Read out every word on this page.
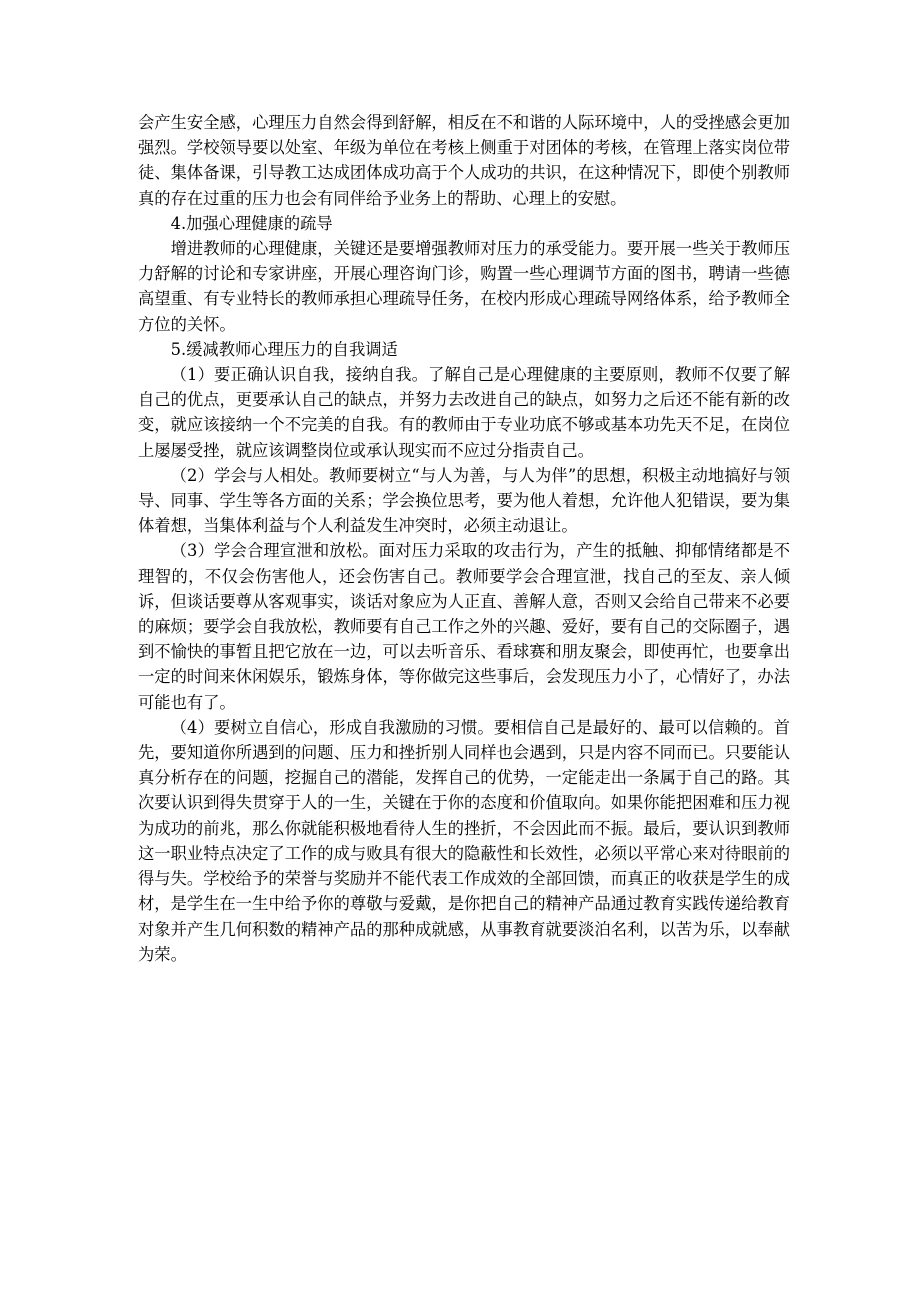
会产生安全感，心理压力自然会得到舒解，相反在不和谐的人际环境中，人的受挫感会更加强烈。学校领导要以处室、年级为单位在考核上侧重于对团体的考核，在管理上落实岗位带徒、集体备课，引导教工达成团体成功高于个人成功的共识，在这种情况下，即使个别教师真的存在过重的压力也会有同伴给予业务上的帮助、心理上的安慰。

4.加强心理健康的疏导

增进教师的心理健康，关键还是要增强教师对压力的承受能力。要开展一些关于教师压力舒解的讨论和专家讲座，开展心理咨询门诊，购置一些心理调节方面的图书，聘请一些德高望重、有专业特长的教师承担心理疏导任务，在校内形成心理疏导网络体系，给予教师全方位的关怀。

5.缓减教师心理压力的自我调适

（1）要正确认识自我，接纳自我。了解自己是心理健康的主要原则，教师不仅要了解自己的优点，更要承认自己的缺点，并努力去改进自己的缺点，如努力之后还不能有新的改变，就应该接纳一个不完美的自我。有的教师由于专业功底不够或基本功先天不足，在岗位上屡屡受挫，就应该调整岗位或承认现实而不应过分指责自己。

（2）学会与人相处。教师要树立“与人为善，与人为伴”的思想，积极主动地搞好与领导、同事、学生等各方面的关系；学会换位思考，要为他人着想，允许他人犯错误，要为集体着想，当集体利益与个人利益发生冲突时，必须主动退让。

（3）学会合理宣泄和放松。面对压力采取的攻击行为，产生的抵触、抑郁情绪都是不理智的，不仅会伤害他人，还会伤害自己。教师要学会合理宣泄，找自己的至友、亲人倾诉，但谈话要尊从客观事实，谈话对象应为人正直、善解人意，否则又会给自己带来不必要的麻烦；要学会自我放松，教师要有自己工作之外的兴趣、爱好，要有自己的交际圈子，遇到不愉快的事暂且把它放在一边，可以去听音乐、看球赛和朋友聚会，即使再忙，也要拿出一定的时间来休闲娱乐，锻炼身体，等你做完这些事后，会发现压力小了，心情好了，办法可能也有了。

（4）要树立自信心，形成自我激励的习惯。要相信自己是最好的、最可以信赖的。首先，要知道你所遇到的问题、压力和挫折别人同样也会遇到，只是内容不同而已。只要能认真分析存在的问题，挖掘自己的潜能，发挥自己的优势，一定能走出一条属于自己的路。其次要认识到得失贯穿于人的一生，关键在于你的态度和价值取向。如果你能把困难和压力视为成功的前兆，那么你就能积极地看待人生的挫折，不会因此而不振。最后，要认识到教师这一职业特点决定了工作的成与败具有很大的隐蔽性和长效性，必须以平常心来对待眼前的得与失。学校给予的荣誉与奖励并不能代表工作成效的全部回馈，而真正的收获是学生的成材，是学生在一生中给予你的尊敬与爱戴，是你把自己的精神产品通过教育实践传递给教育对象并产生几何积数的精神产品的那种成就感，从事教育就要淡泊名利，以苦为乐，以奉献为荣。
